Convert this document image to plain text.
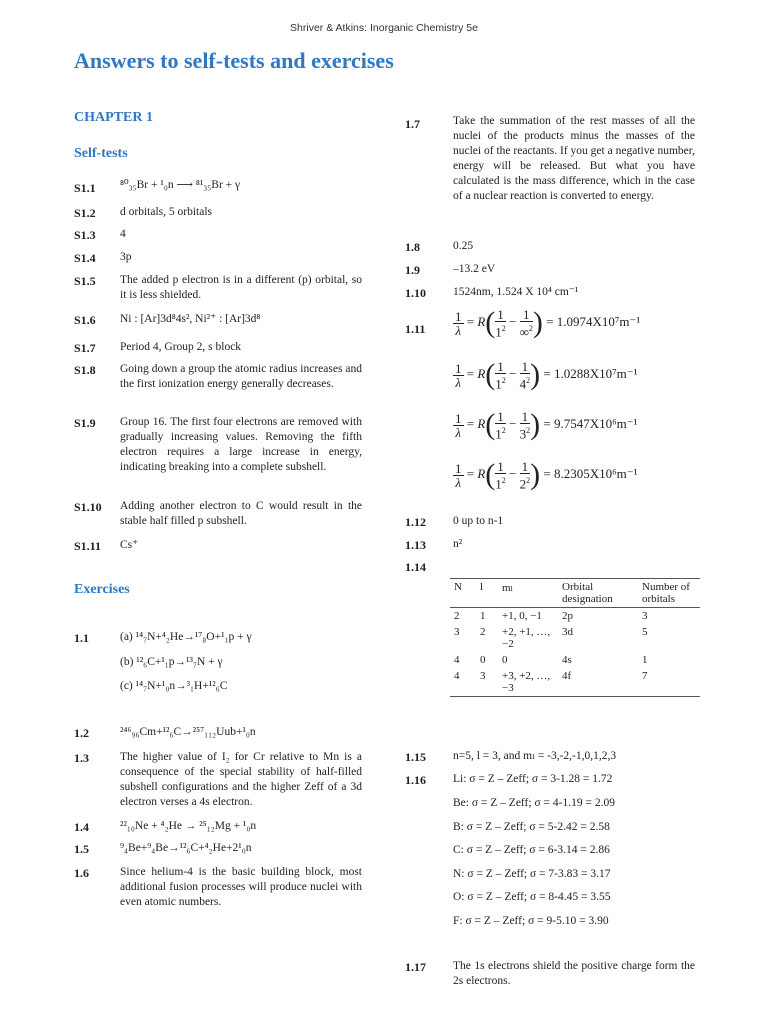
Shriver & Atkins: Inorganic Chemistry 5e
Answers to self-tests and exercises
CHAPTER 1
Self-tests
S1.1 ⁸⁰₃₅Br + ¹₀n ⟶ ⁸¹₃₅Br + γ
S1.2 d orbitals, 5 orbitals
S1.3 4
S1.4 3p
S1.5 The added p electron is in a different (p) orbital, so it is less shielded.
S1.6 Ni : [Ar]3d⁸4s², Ni²⁺ : [Ar]3d⁸
S1.7 Period 4, Group 2, s block
S1.8 Going down a group the atomic radius increases and the first ionization energy generally decreases.
S1.9 Group 16. The first four electrons are removed with gradually increasing values. Removing the fifth electron requires a large increase in energy, indicating breaking into a complete subshell.
S1.10 Adding another electron to C would result in the stable half filled p subshell.
S1.11 Cs⁺
Exercises
1.1	(a) ¹⁴₇N+⁴₂He→¹⁷₈O+¹₁p + γ
(b) ¹²₆C+¹₁p→¹³₇N + γ
(c) ¹⁴₇N+¹₀n→³₁H+¹²₆C
1.2	²⁴⁶₉₆Cm+¹²₆C→²⁵⁷₁₁₂Uub+¹₀n
1.3	The higher value of I₂ for Cr relative to Mn is a consequence of the special stability of half-filled subshell configurations and the higher Zeff of a 3d electron verses a 4s electron.
1.4	²²₁₀Ne + ⁴₂He → ²⁵₁₂Mg + ¹₀n
1.5	⁹₄Be+⁹₄Be→¹²₆C+⁴₂He+2¹₀n
1.6	Since helium-4 is the basic building block, most additional fusion processes will produce nuclei with even atomic numbers.
1.7	Take the summation of the rest masses of all the nuclei of the products minus the masses of the nuclei of the reactants. If you get a negative number, energy will be released. But what you have calculated is the mass difference, which in the case of a nuclear reaction is converted to energy.
1.8	0.25
1.9	–13.2 eV
1.10 1524nm, 1.524 X 10⁴ cm⁻¹
$1.11 \frac{1}{\lambda} = R( \frac{1}{1^2} - \frac{1}{\infty^2}$ ) = 1.0974X10⁷m⁻¹
$\frac{1}{\lambda} = R( \frac{1}{1^2} - \frac{1}{4^2}$ ) = 1.0288X10⁷m⁻¹
$\frac{1}{\lambda} = R( \frac{1}{1^2} - \frac{1}{3^2}$ ) = 9.7547X10⁶m⁻¹
$\frac{1}{\lambda} = R( \frac{1}{1^2} - \frac{1}{2^2}$ ) = 8.2305X10⁶m⁻¹
1.12 0 up to n-1
1.13 n²
1.14
N	l	mₗ	Orbital designation	Number of orbitals
2	1	+1, 0, −1	2p	3
3	2	+2, +1, …, −2	3d	5
4	0	0	4s	1
4	3	+3, +2, …, −3	4f	7
1.15 n=5, l = 3, and mₗ = -3,-2,-1,0,1,2,3
1.16 Li: σ = Z – Zeff; σ = 3-1.28 = 1.72
Be: σ = Z – Zeff; σ = 4-1.19 = 2.09
B: σ = Z – Zeff; σ = 5-2.42 = 2.58
C: σ = Z – Zeff; σ = 6-3.14 = 2.86
N: σ = Z – Zeff; σ = 7-3.83 = 3.17
O: σ = Z – Zeff; σ = 8-4.45 = 3.55
F: σ = Z – Zeff; σ = 9-5.10 = 3.90
1.17 The 1s electrons shield the positive charge form the 2s electrons.
